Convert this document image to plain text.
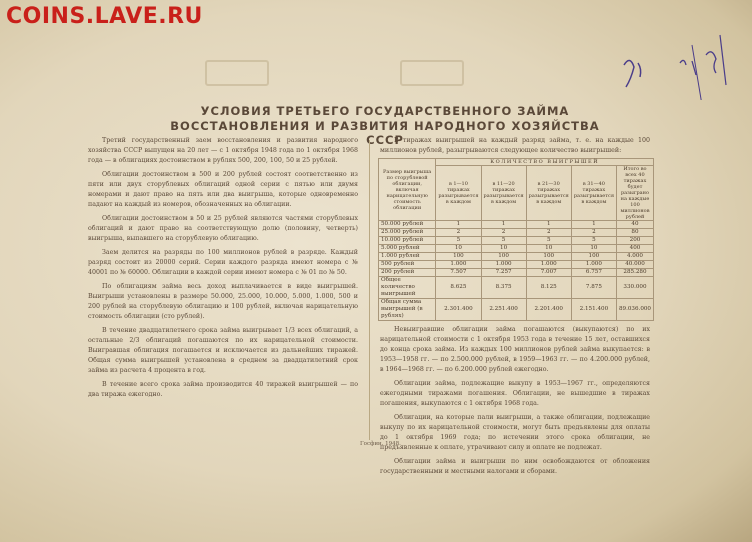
COINS.LAVE.RU
УСЛОВИЯ ТРЕТЬЕГО ГОСУДАРСТВЕННОГО ЗАЙМА
ВОССТАНОВЛЕНИЯ И РАЗВИТИЯ НАРОДНОГО ХОЗЯЙСТВА СССР

Третий государственный заем восстановления и развития народного хозяйства СССР выпущен на 20 лет — с 1 октября 1948 года по 1 октября 1968 года — в облигациях достоинством в рублях 500, 200, 100, 50 и 25 рублей.

Облигации достоинством в 500 и 200 рублей состоят соответственно из пяти или двух сторублевых облигаций одной серии с пятью или двумя номерами и дают право на пять или два выигрыша, которые одновременно падают на каждый из номеров, обозначенных на облигации.

Облигации достоинством в 50 и 25 рублей являются частями сторублевых облигаций и дают право на соответствующую долю (половину, четверть) выигрыша, выпавшего на сторублевую облигацию.

Заем делится на разряды по 100 миллионов рублей в разряде. Каждый разряд состоит из 20000 серий. Серии каждого разряда имеют номера с № 40001 по № 60000. Облигации в каждой серии имеют номера с № 01 по № 50.

По облигациям займа весь доход выплачивается в виде выигрышей. Выигрыши установлены в размере 50.000, 25.000, 10.000, 5.000, 1.000, 500 и 200 рублей на сторублевую облигацию и 100 рублей, включая нарицательную стоимость облигации (сто рублей).

В течение двадцатилетнего срока займа выигрывает 1/3 всех облигаций, а остальные 2/3 облигаций погашаются по их нарицательной стоимости. Выигравшая облигация погашается и исключается из дальнейших тиражей. Общая сумма выигрышей установлена в среднем за двадцатилетний срок займа из расчета 4 процента в год.

В течение всего срока займа производится 40 тиражей выигрышей — по два тиража ежегодно.

В тиражах выигрышей на каждый разряд займа, т. е. на каждые 100 миллионов рублей, разыгрываются следующее количество выигрышей:

Размер выигрыша по сторублевой облигации, включая нарицательную стоимость облигации	КОЛИЧЕСТВО ВЫИГРЫШЕЙ				
	в 1—10 тиражах разыгрывается в каждом	в 11—20 тиражах разыгрывается в каждом	в 21—30 тиражах разыгрывается в каждом	в 31—40 тиражах разыгрывается в каждом	Итого во всех 40 тиражах будет разыграно на каждые 100 миллионов рублей
50.000 рублей	1	1	1	1	40
25.000 рублей	2	2	2	2	80
10.000 рублей	5	5	5	5	200
5.000 рублей	10	10	10	10	400
1.000 рублей	100	100	100	100	4.000
500 рублей	1.000	1.000	1.000	1.000	40.000
200 рублей	7.507	7.257	7.007	6.757	285.280
Общее количество выигрышей	8.625	8.375	8.125	7.875	330.000
Общая сумма выигрышей (в рублях)	2.301.400	2.251.400	2.201.400	2.151.400	89.036.000

Невыигравшие облигации займа погашаются (выкупаются) по их нарицательной стоимости с 1 октября 1953 года в течение 15 лет, оставшихся до конца срока займа. Из каждых 100 миллионов рублей займа выкупается: в 1953—1958 гг. — по 2.500.000 рублей, в 1959—1963 гг. — по 4.200.000 рублей, в 1964—1968 гг. — по 6.200.000 рублей ежегодно.

Облигации займа, подлежащие выкупу в 1953—1967 гг., определяются ежегодными тиражами погашения. Облигации, не вышедшие в тиражах погашения, выкупаются с 1 октября 1968 года.

Облигации, на которые пали выигрыши, а также облигации, подлежащие выкупу по их нарицательной стоимости, могут быть предъявлены для оплаты до 1 октября 1969 года; по истечении этого срока облигации, не предъявленные к оплате, утрачивают силу и оплате не подлежат.

Облигации займа и выигрыши по ним освобождаются от обложения государственными и местными налогами и сборами.

Госфин. 1948.
